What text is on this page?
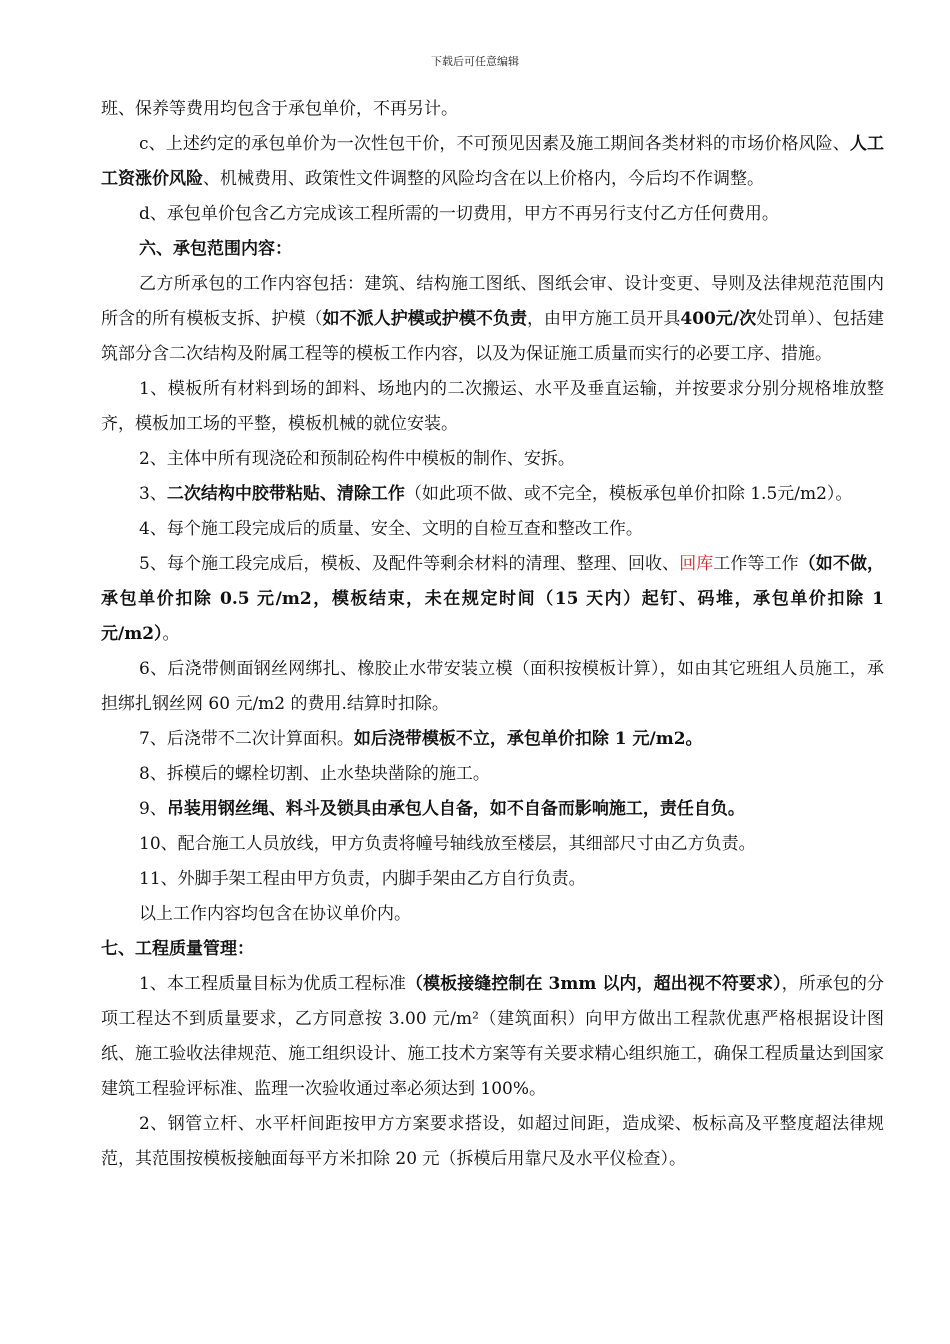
下载后可任意编辑

班、保养等费用均包含于承包单价，不再另计。

c、上述约定的承包单价为一次性包干价，不可预见因素及施工期间各类材料的市场价格风险、人工工资涨价风险、机械费用、政策性文件调整的风险均含在以上价格内，今后均不作调整。

d、承包单价包含乙方完成该工程所需的一切费用，甲方不再另行支付乙方任何费用。

六、承包范围内容：

乙方所承包的工作内容包括：建筑、结构施工图纸、图纸会审、设计变更、导则及法律规范范围内所含的所有模板支拆、护模（如不派人护模或护模不负责，由甲方施工员开具400元/次处罚单）、包括建筑部分含二次结构及附属工程等的模板工作内容，以及为保证施工质量而实行的必要工序、措施。

1、模板所有材料到场的卸料、场地内的二次搬运、水平及垂直运输，并按要求分别分规格堆放整齐，模板加工场的平整，模板机械的就位安装。

2、主体中所有现浇砼和预制砼构件中模板的制作、安拆。

3、二次结构中胶带粘贴、清除工作（如此项不做、或不完全，模板承包单价扣除 1.5元/m2）。

4、每个施工段完成后的质量、安全、文明的自检互查和整改工作。

5、每个施工段完成后，模板、及配件等剩余材料的清理、整理、回收、回库工作等工作（如不做，承包单价扣除 0.5 元/m2，模板结束，未在规定时间（15 天内）起钉、码堆，承包单价扣除 1 元/m2）。

6、后浇带侧面钢丝网绑扎、橡胶止水带安装立模（面积按模板计算），如由其它班组人员施工，承担绑扎钢丝网 60 元/m2 的费用.结算时扣除。

7、后浇带不二次计算面积。如后浇带模板不立，承包单价扣除 1 元/m2。

8、拆模后的螺栓切割、止水垫块凿除的施工。

9、吊装用钢丝绳、料斗及锁具由承包人自备，如不自备而影响施工，责任自负。

10、配合施工人员放线，甲方负责将幢号轴线放至楼层，其细部尺寸由乙方负责。

11、外脚手架工程由甲方负责，内脚手架由乙方自行负责。

以上工作内容均包含在协议单价内。

七、工程质量管理：

1、本工程质量目标为优质工程标准（模板接缝控制在 3mm 以内，超出视不符要求），所承包的分项工程达不到质量要求，乙方同意按 3.00 元/m²（建筑面积）向甲方做出工程款优惠严格根据设计图纸、施工验收法律规范、施工组织设计、施工技术方案等有关要求精心组织施工，确保工程质量达到国家建筑工程验评标准、监理一次验收通过率必须达到 100%。

2、钢管立杆、水平杆间距按甲方方案要求搭设，如超过间距，造成梁、板标高及平整度超法律规范，其范围按模板接触面每平方米扣除 20 元（拆模后用靠尺及水平仪检查）。
